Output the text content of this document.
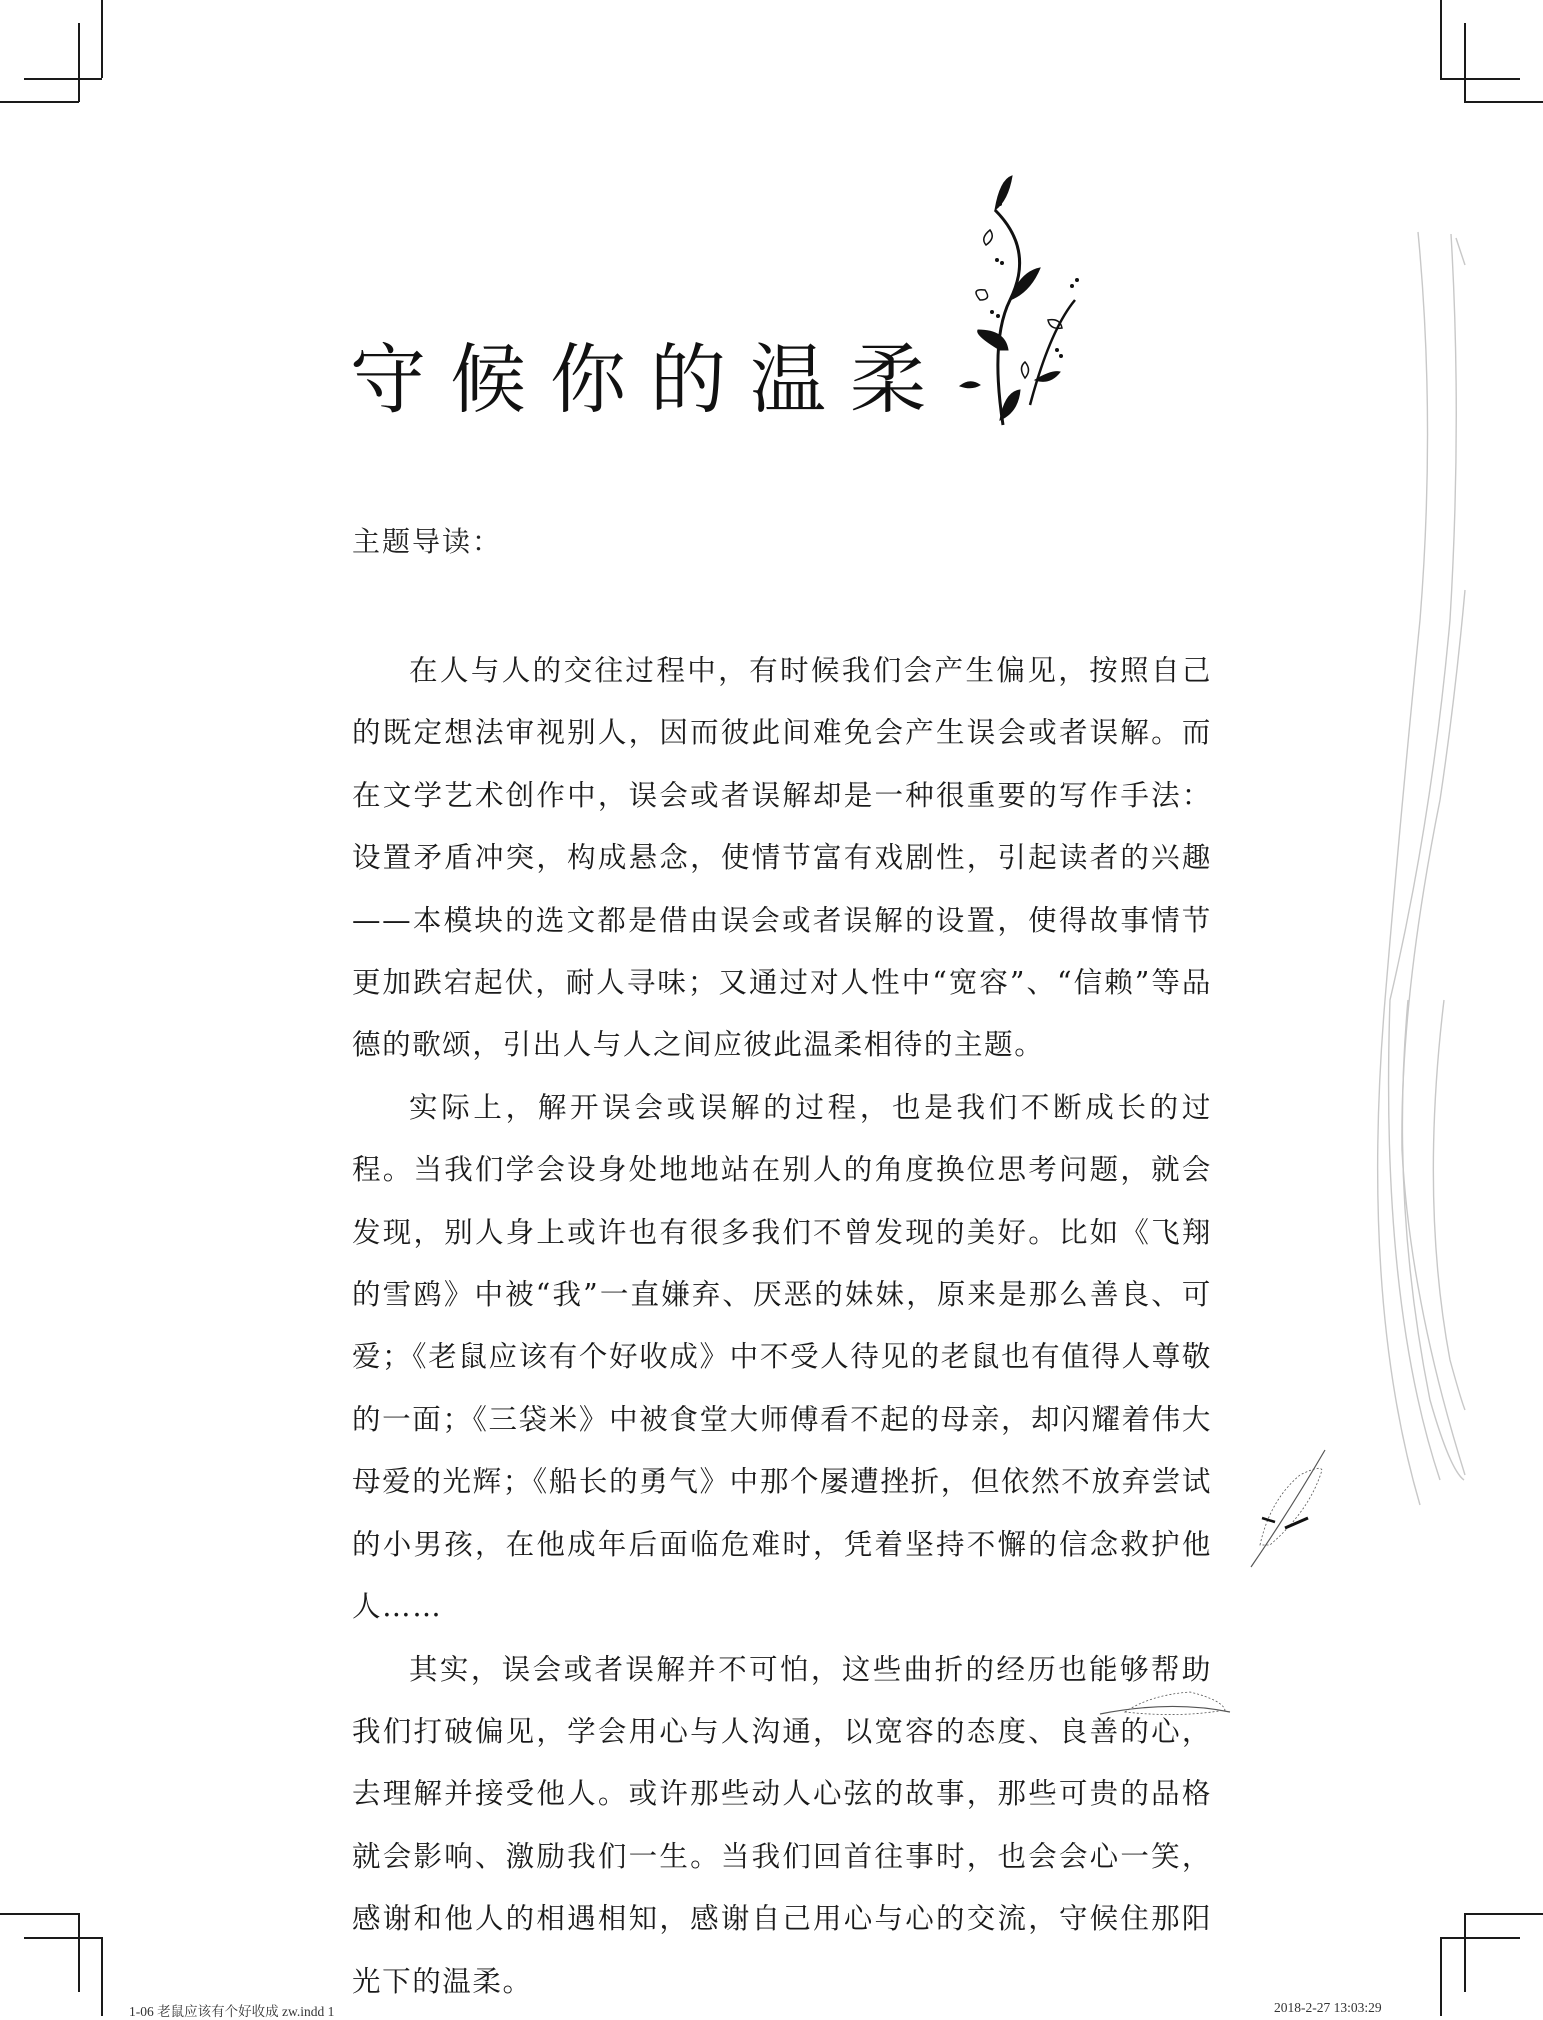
守候你的温柔
主题导读：

在人与人的交往过程中，有时候我们会产生偏见，按照自己的既定想法审视别人，因而彼此间难免会产生误会或者误解。而在文学艺术创作中，误会或者误解却是一种很重要的写作手法：设置矛盾冲突，构成悬念，使情节富有戏剧性，引起读者的兴趣——本模块的选文都是借由误会或者误解的设置，使得故事情节更加跌宕起伏，耐人寻味；又通过对人性中“宽容”、“信赖”等品德的歌颂，引出人与人之间应彼此温柔相待的主题。

实际上，解开误会或误解的过程，也是我们不断成长的过程。当我们学会设身处地地站在别人的角度换位思考问题，就会发现，别人身上或许也有很多我们不曾发现的美好。比如《飞翔的雪鸥》中被“我”一直嫌弃、厌恶的妹妹，原来是那么善良、可爱；《老鼠应该有个好收成》中不受人待见的老鼠也有值得人尊敬的一面；《三袋米》中被食堂大师傅看不起的母亲，却闪耀着伟大母爱的光辉；《船长的勇气》中那个屡遭挫折，但依然不放弃尝试的小男孩，在他成年后面临危难时，凭着坚持不懈的信念救护他人……

其实，误会或者误解并不可怕，这些曲折的经历也能够帮助我们打破偏见，学会用心与人沟通，以宽容的态度、良善的心，去理解并接受他人。或许那些动人心弦的故事，那些可贵的品格就会影响、激励我们一生。当我们回首往事时，也会会心一笑，感谢和他人的相遇相知，感谢自己用心与心的交流，守候住那阳光下的温柔。

1-06 老鼠应该有个好收成 zw.indd 1	2018-2-27 13:03:29
